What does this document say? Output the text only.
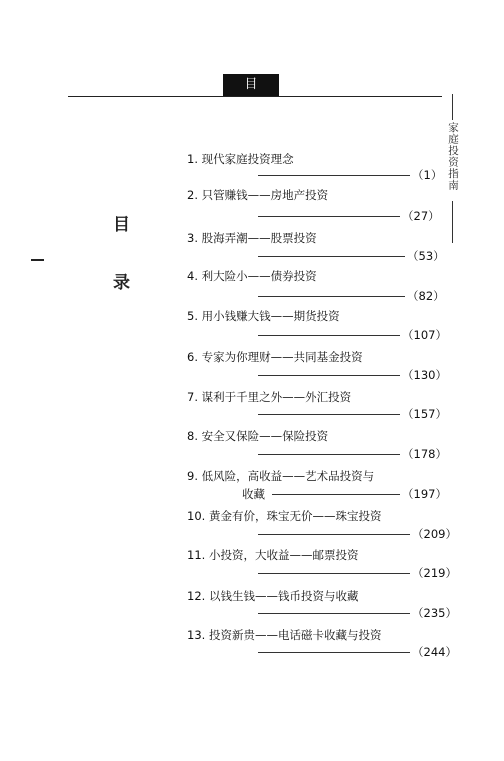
目 录
目
录
家庭投资指南
1. 现代家庭投资理念
（1）
2. 只管赚钱——房地产投资
（27）
3. 股海弄潮——股票投资
（53）
4. 利大险小——债券投资
（82）
5. 用小钱赚大钱——期货投资
（107）
6. 专家为你理财——共同基金投资
（130）
7. 谋利于千里之外——外汇投资
（157）
8. 安全又保险——保险投资
（178）
9. 低风险，高收益——艺术品投资与
收藏	（197）
10. 黄金有价，珠宝无价——珠宝投资
（209）
11. 小投资，大收益——邮票投资
（219）
12. 以钱生钱——钱币投资与收藏
（235）
13. 投资新贵——电话磁卡收藏与投资
（244）
